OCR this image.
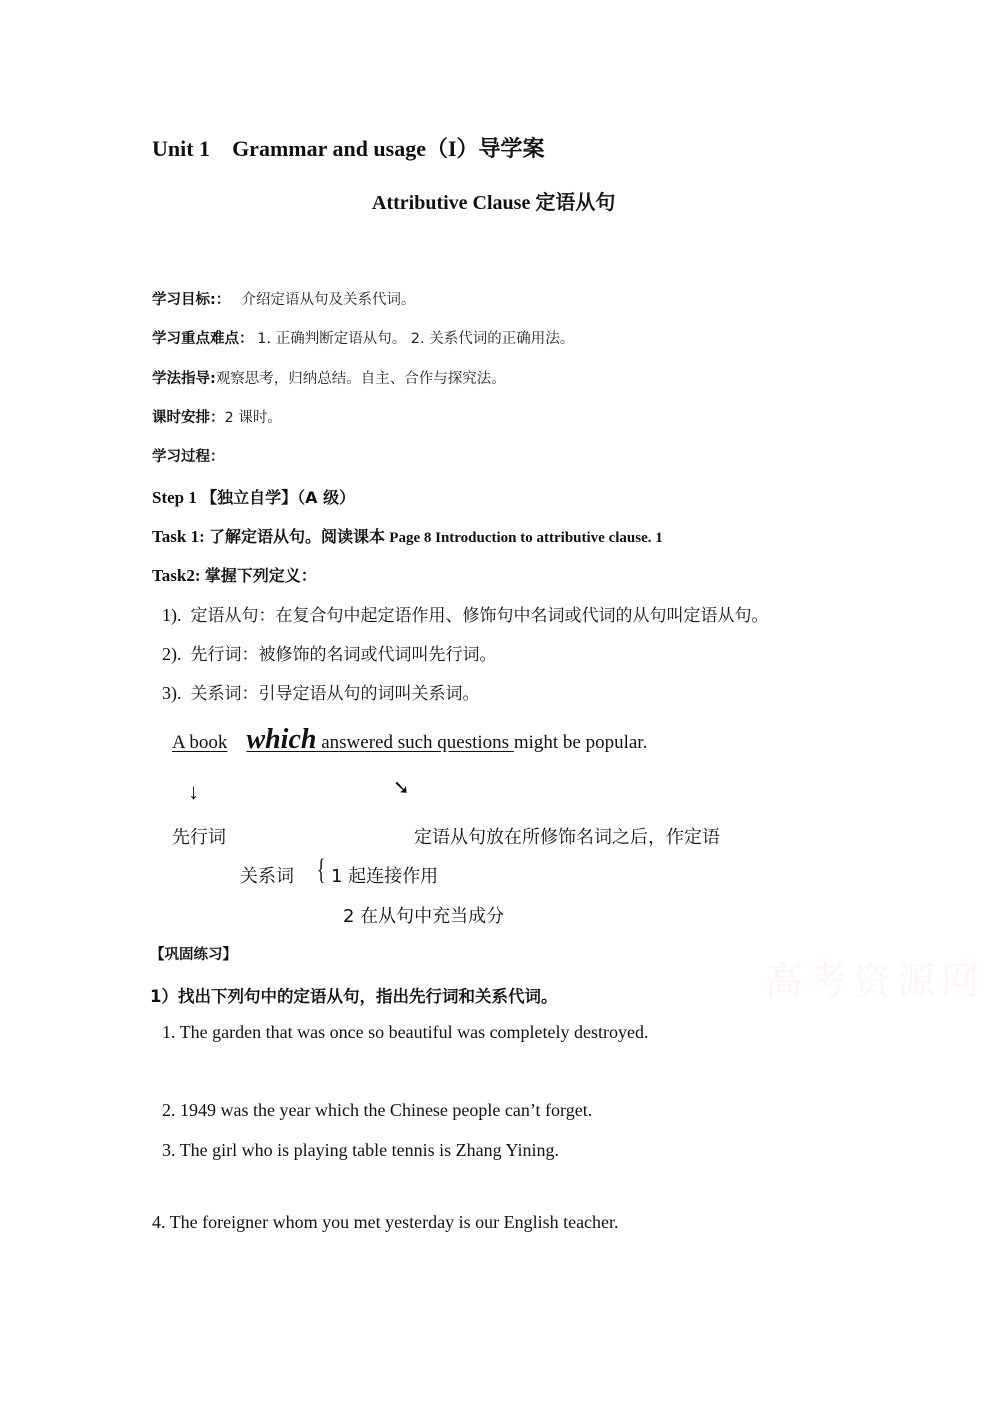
Unit 1 Grammar and usage（I）导学案
Attributive Clause 定语从句
学习目标:： 介绍定语从句及关系代词。
学习重点难点： 1. 正确判断定语从句。 2. 关系代词的正确用法。
学法指导:观察思考，归纳总结。自主、合作与探究法。
课时安排：2 课时。
学习过程：
Step 1 【独立自学】（A 级）
Task 1: 了解定语从句。阅读课本 Page 8 Introduction to attributive clause. 1
Task2: 掌握下列定义：
1). 定语从句：在复合句中起定语作用、修饰句中名词或代词的从句叫定语从句。
2). 先行词：被修饰的名词或代词叫先行词。
3). 关系词：引导定语从句的词叫关系词。
A book which answered such questions might be popular.
↓	➘
先行词	定语从句放在所修饰名词之后，作定语
关系词 { 1 起连接作用
2 在从句中充当成分
【巩固练习】
1）找出下列句中的定语从句，指出先行词和关系代词。
1. The garden that was once so beautiful was completely destroyed.
2. 1949 was the year which the Chinese people can’t forget.
3. The girl who is playing table tennis is Zhang Yining.
4. The foreigner whom you met yesterday is our English teacher.
高考资源网
